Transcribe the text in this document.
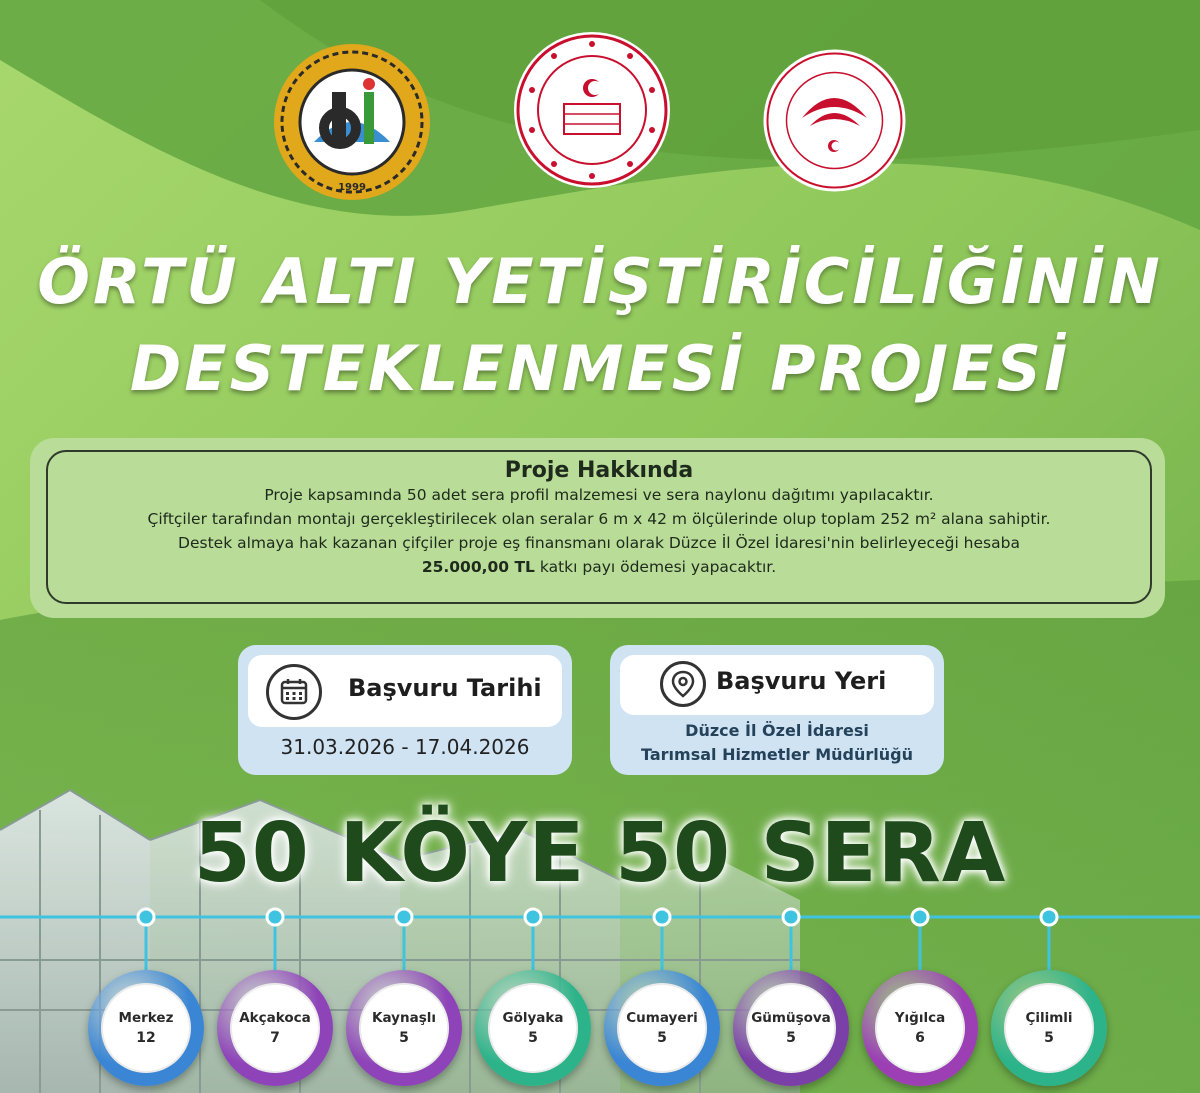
1999
ÖRTÜ ALTI YETİŞTİRİCİLİĞİNİN
DESTEKLENMESİ PROJESİ
Proje Hakkında
Proje kapsamında 50 adet sera profil malzemesi ve sera naylonu dağıtımı yapılacaktır.
Çiftçiler tarafından montajı gerçekleştirilecek olan seralar 6 m x 42 m ölçülerinde olup toplam 252 m² alana sahiptir.
Destek almaya hak kazanan çifçiler proje eş finansmanı olarak Düzce İl Özel İdaresi'nin belirleyeceği hesaba
25.000,00 TL katkı payı ödemesi yapacaktır.
Başvuru Tarihi
31.03.2026 - 17.04.2026
Başvuru Yeri
Düzce İl Özel İdaresi
Tarımsal Hizmetler Müdürlüğü
50 KÖYE 50 SERA
Merkez
12
Akçakoca
7
Kaynaşlı
5
Gölyaka
5
Cumayeri
5
Gümüşova
5
Yığılca
6
Çilimli
5
